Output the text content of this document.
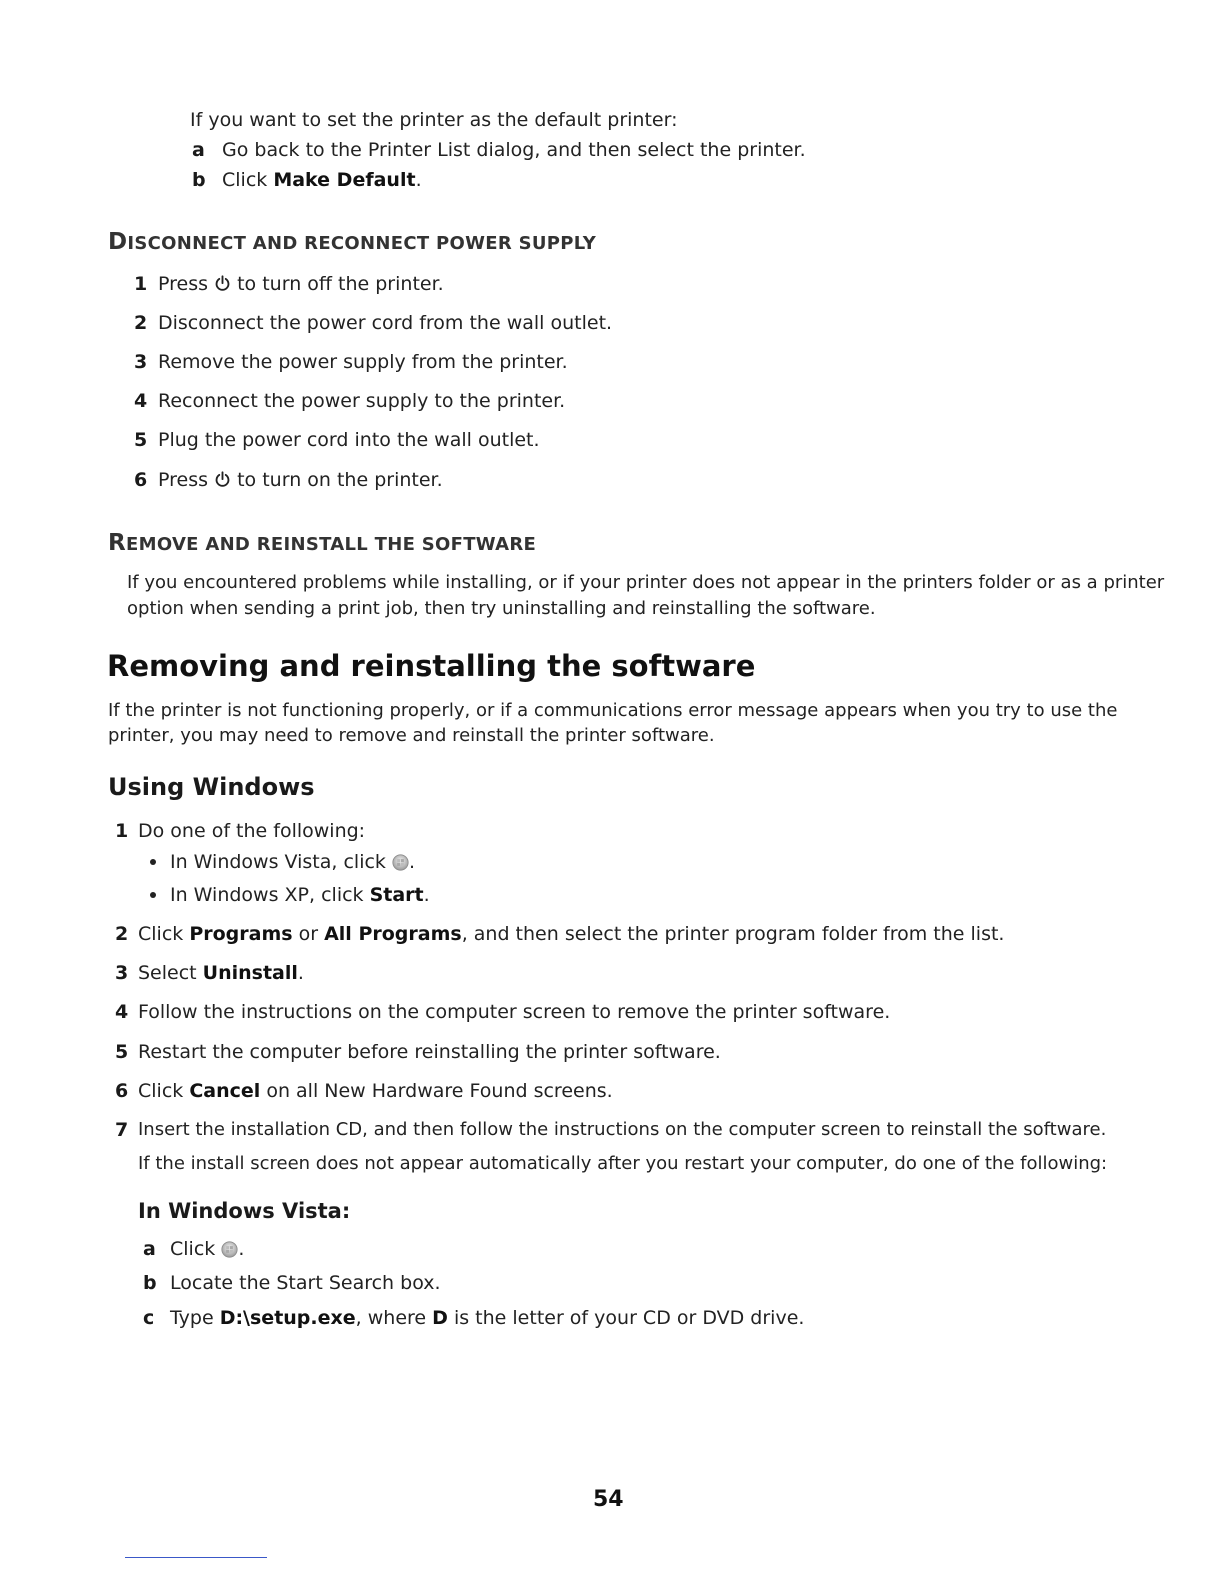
If you want to set the printer as the default printer:
a Go back to the Printer List dialog, and then select the printer.
b Click Make Default.
DISCONNECT AND RECONNECT POWER SUPPLY
1 Press to turn off the printer.
2 Disconnect the power cord from the wall outlet.
3 Remove the power supply from the printer.
4 Reconnect the power supply to the printer.
5 Plug the power cord into the wall outlet.
6 Press to turn on the printer.
REMOVE AND REINSTALL THE SOFTWARE
If you encountered problems while installing, or if your printer does not appear in the printers folder or as a printer
option when sending a print job, then try uninstalling and reinstalling the software.
Removing and reinstalling the software
If the printer is not functioning properly, or if a communications error message appears when you try to use the
printer, you may need to remove and reinstall the printer software.
Using Windows
1 Do one of the following:
In Windows Vista, click .
In Windows XP, click Start.
2 Click Programs or All Programs, and then select the printer program folder from the list.
3 Select Uninstall.
4 Follow the instructions on the computer screen to remove the printer software.
5 Restart the computer before reinstalling the printer software.
6 Click Cancel on all New Hardware Found screens.
7 Insert the installation CD, and then follow the instructions on the computer screen to reinstall the software.
If the install screen does not appear automatically after you restart your computer, do one of the following:
In Windows Vista:
a Click .
b Locate the Start Search box.
c Type D:\setup.exe, where D is the letter of your CD or DVD drive.
54
